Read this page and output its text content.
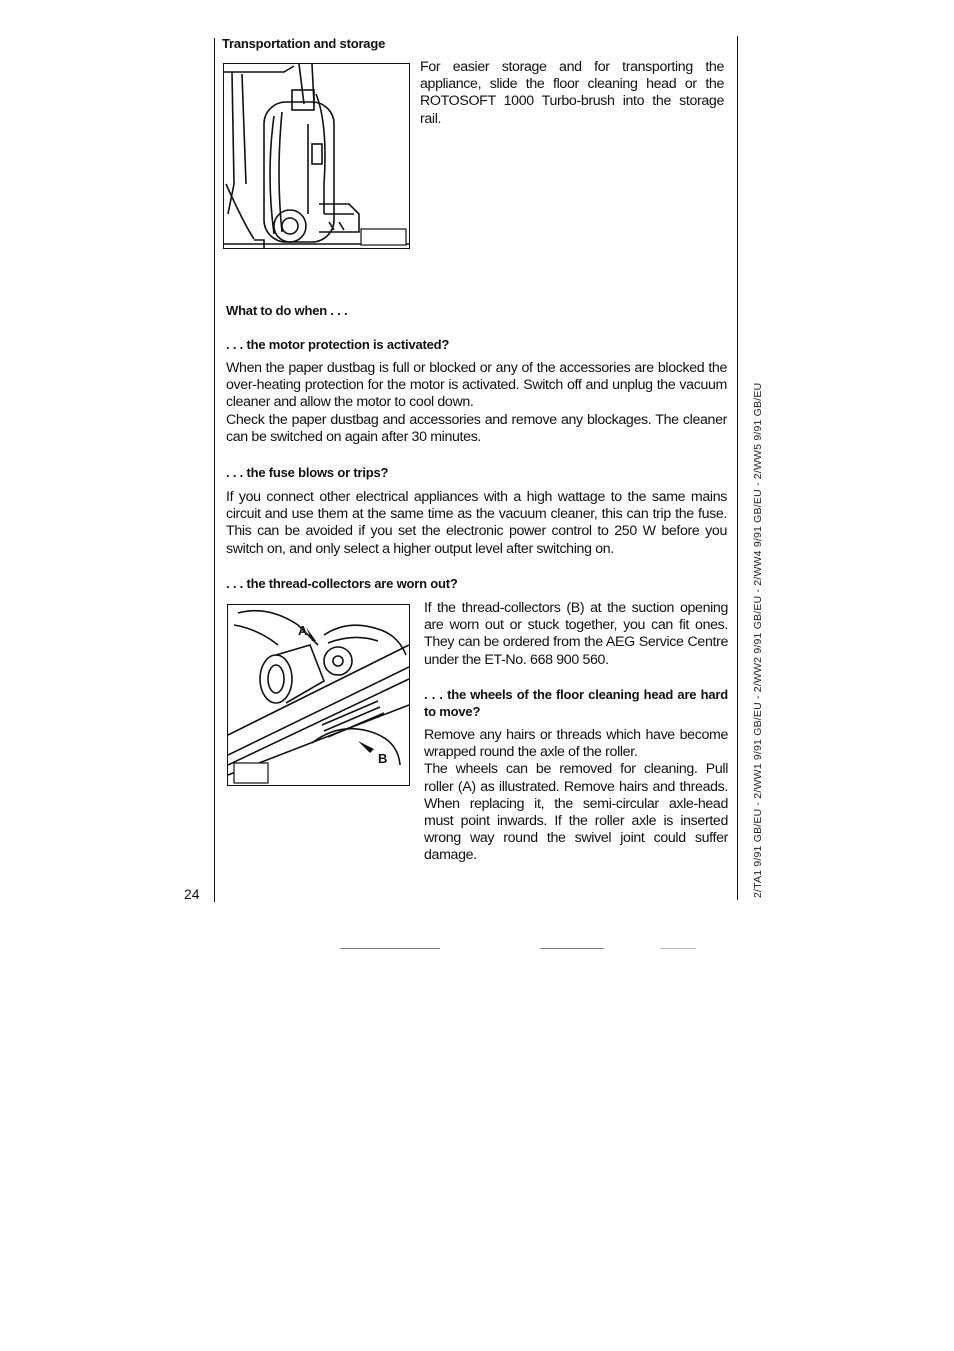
Transportation and storage
For easier storage and for transporting the appliance, slide the floor cleaning head or the ROTOSOFT 1000 Turbo-brush into the storage rail.
What to do when . . .
. . . the motor protection is activated?

When the paper dustbag is full or blocked or any of the accessories are blocked the over-heating protection for the motor is activated. Switch off and unplug the vacuum cleaner and allow the motor to cool down.

Check the paper dustbag and accessories and remove any blockages. The cleaner can be switched on again after 30 minutes.

. . . the fuse blows or trips?
If you connect other electrical appliances with a high wattage to the same mains circuit and use them at the same time as the vacuum cleaner, this can trip the fuse. This can be avoided if you set the electronic power control to 250 W before you switch on, and only select a higher output level after switching on.
. . . the thread-collectors are worn out?
A
B
If the thread-collectors (B) at the suction opening are worn out or stuck together, you can fit ones. They can be ordered from the AEG Service Centre under the ET-No. 668 900 560.
. . . the wheels of the floor cleaning head are hard to move?

Remove any hairs or threads which have become wrapped round the axle of the roller.

The wheels can be removed for cleaning. Pull roller (A) as illustrated. Remove hairs and threads. When replacing it, the semi-circular axle-head must point inwards. If the roller axle is inserted wrong way round the swivel joint could suffer damage.

24	2/TA1 9/91 GB/EU - 2/WW1 9/91 GB/EU - 2/WW2 9/91 GB/EU - 2/WW4 9/91 GB/EU - 2/WW5 9/91 GB/EU
